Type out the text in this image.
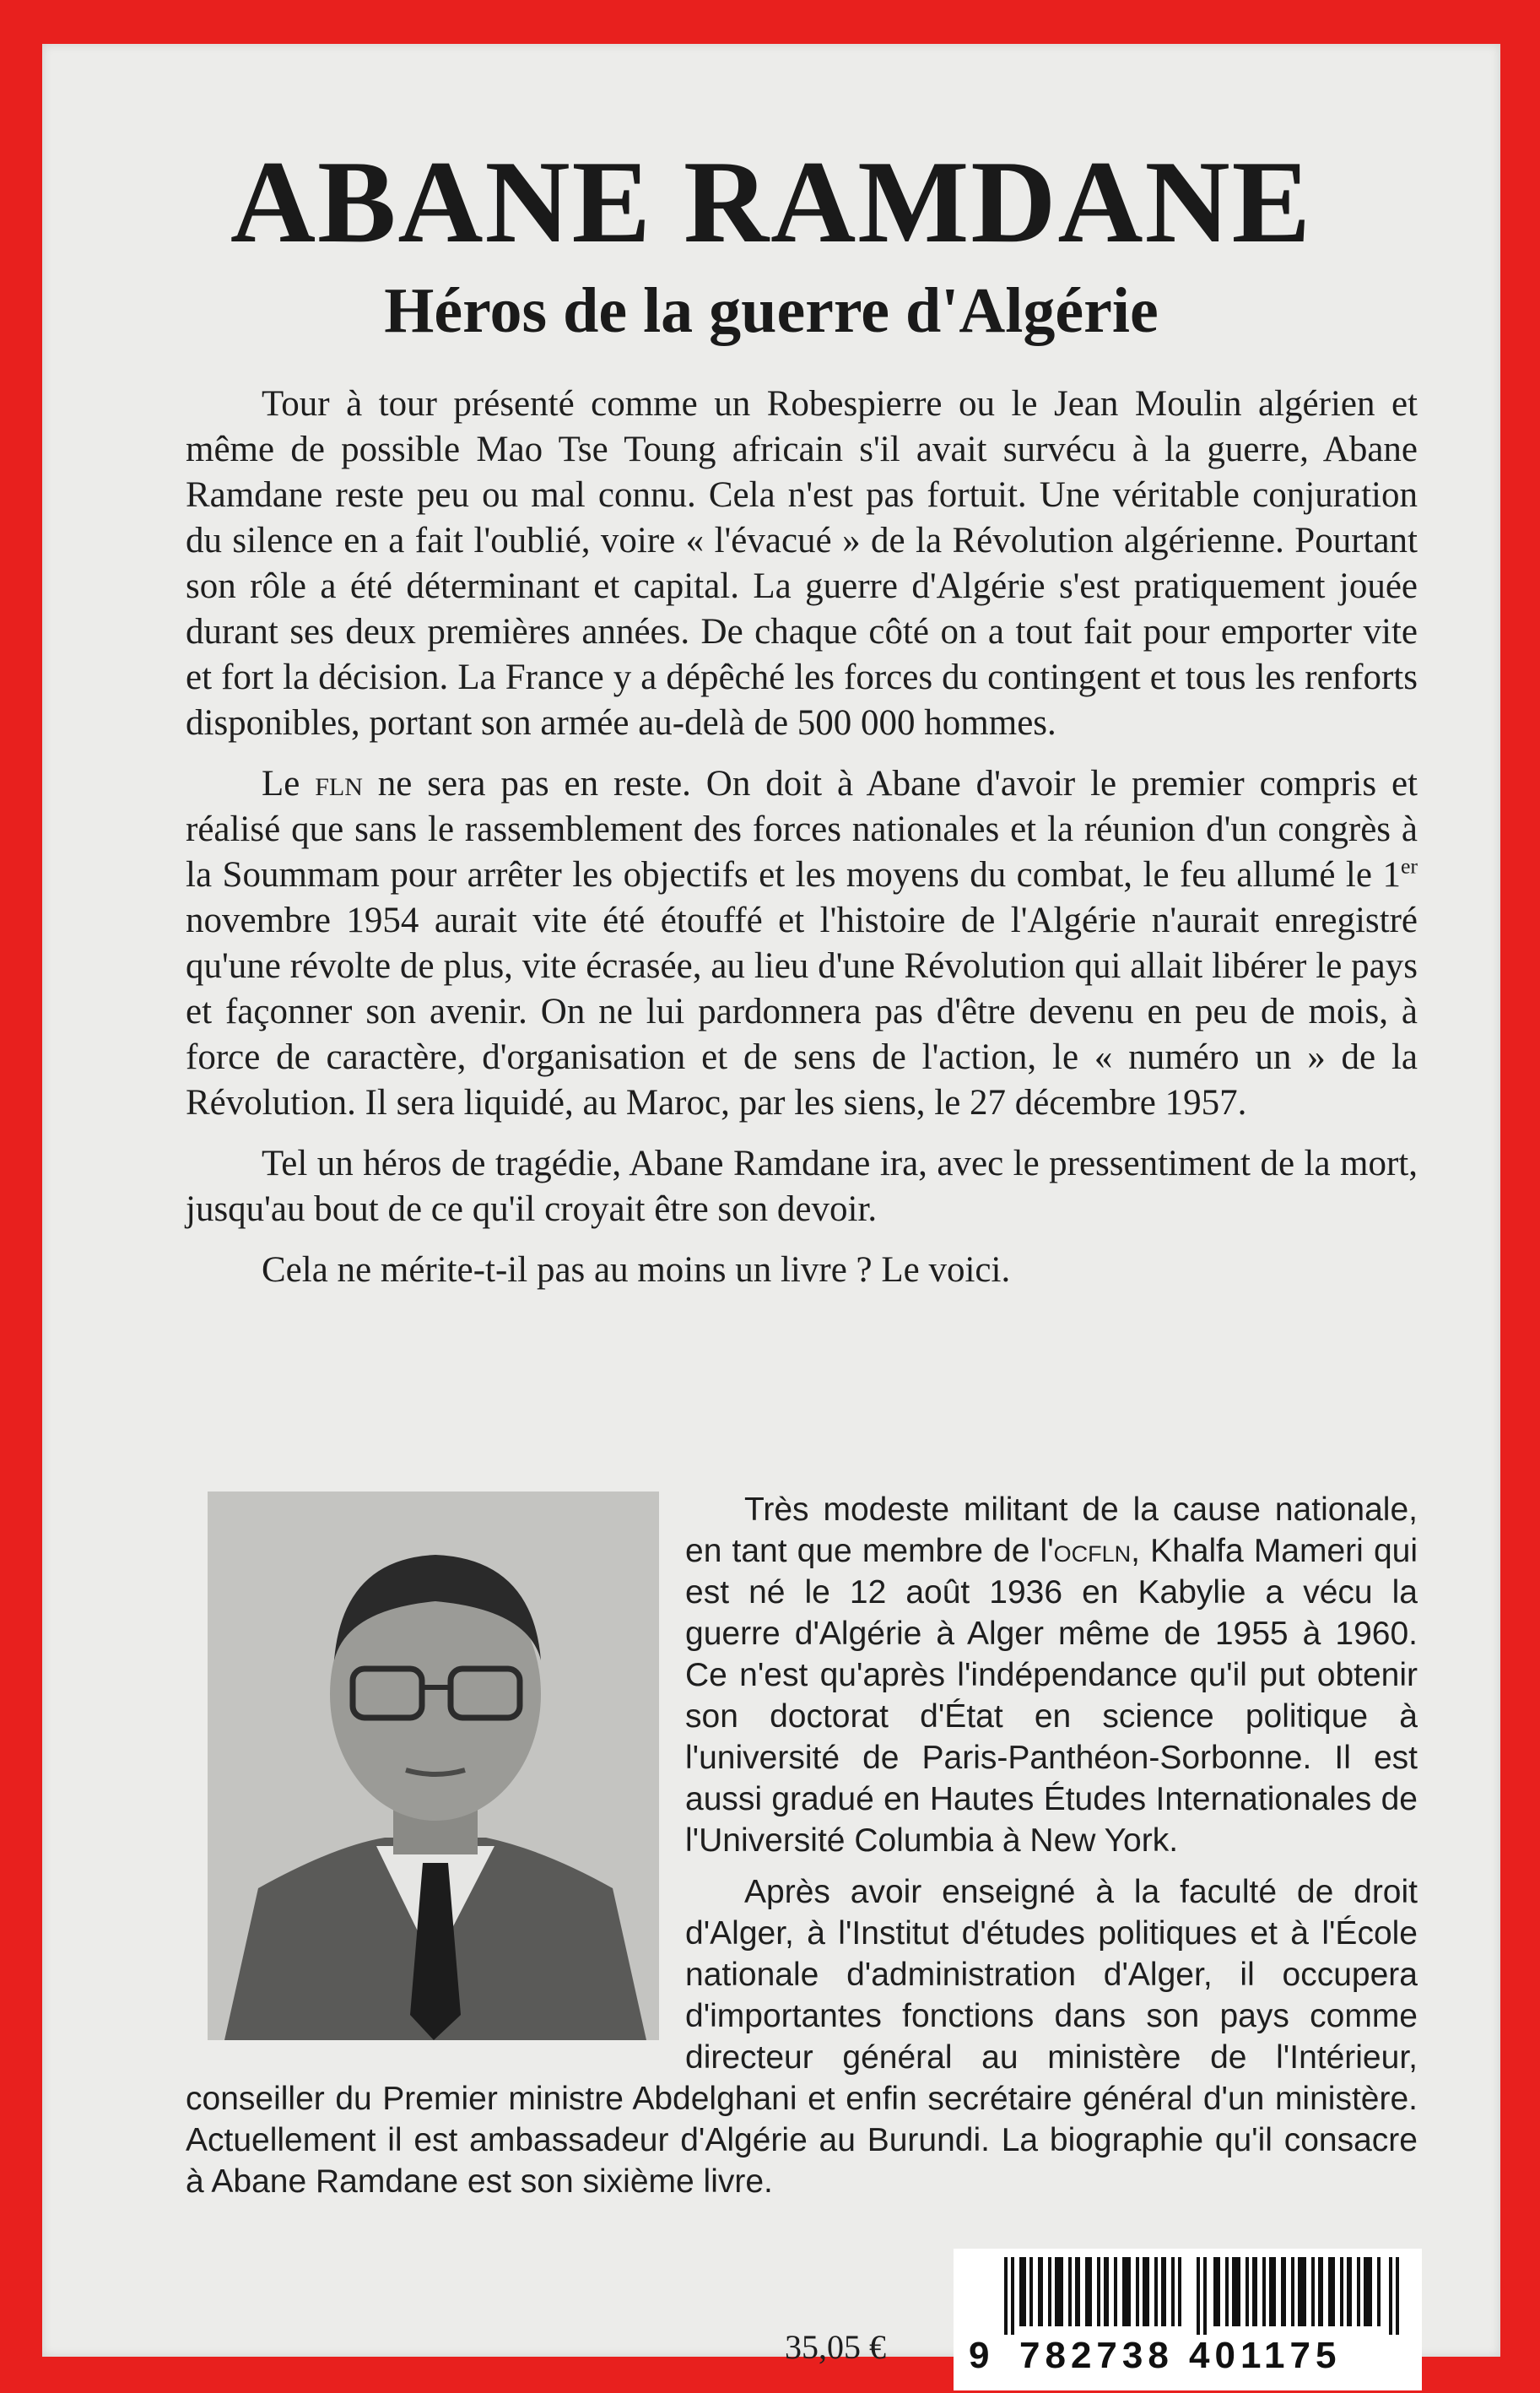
ABANE RAMDANE
Héros de la guerre d'Algérie

Tour à tour présenté comme un Robespierre ou le Jean Moulin algérien et même de possible Mao Tse Toung africain s'il avait survécu à la guerre, Abane Ramdane reste peu ou mal connu. Cela n'est pas fortuit. Une véritable conjuration du silence en a fait l'oublié, voire « l'évacué » de la Révolution algérienne. Pourtant son rôle a été déterminant et capital. La guerre d'Algérie s'est pratiquement jouée durant ses deux premières années. De chaque côté on a tout fait pour emporter vite et fort la décision. La France y a dépêché les forces du contingent et tous les renforts disponibles, portant son armée au-delà de 500 000 hommes.

Le fln ne sera pas en reste. On doit à Abane d'avoir le premier compris et réalisé que sans le rassemblement des forces nationales et la réunion d'un congrès à la Soummam pour arrêter les objectifs et les moyens du combat, le feu allumé le 1er novembre 1954 aurait vite été étouffé et l'histoire de l'Algérie n'aurait enregistré qu'une révolte de plus, vite écrasée, au lieu d'une Révolution qui allait libérer le pays et façonner son avenir. On ne lui pardonnera pas d'être devenu en peu de mois, à force de caractère, d'organisation et de sens de l'action, le « numéro un » de la Révolution. Il sera liquidé, au Maroc, par les siens, le 27 décembre 1957.

Tel un héros de tragédie, Abane Ramdane ira, avec le pressentiment de la mort, jusqu'au bout de ce qu'il croyait être son devoir.

Cela ne mérite-t-il pas au moins un livre ? Le voici.

Très modeste militant de la cause nationale, en tant que membre de l'ocfln, Khalfa Mameri qui est né le 12 août 1936 en Kabylie a vécu la guerre d'Algérie à Alger même de 1955 à 1960. Ce n'est qu'après l'indépendance qu'il put obtenir son doctorat d'État en science politique à l'université de Paris-Panthéon-Sorbonne. Il est aussi gradué en Hautes Études Internationales de l'Université Columbia à New York.

Après avoir enseigné à la faculté de droit d'Alger, à l'Institut d'études politiques et à l'École nationale d'administration d'Alger, il occupera d'importantes fonctions dans son pays comme directeur général au ministère de l'Intérieur, conseiller du Premier ministre Abdelghani et enfin secrétaire général d'un ministère. Actuellement il est ambassadeur d'Algérie au Burundi. La biographie qu'il consacre à Abane Ramdane est son sixième livre.

35,05 € 9 782738 401175
